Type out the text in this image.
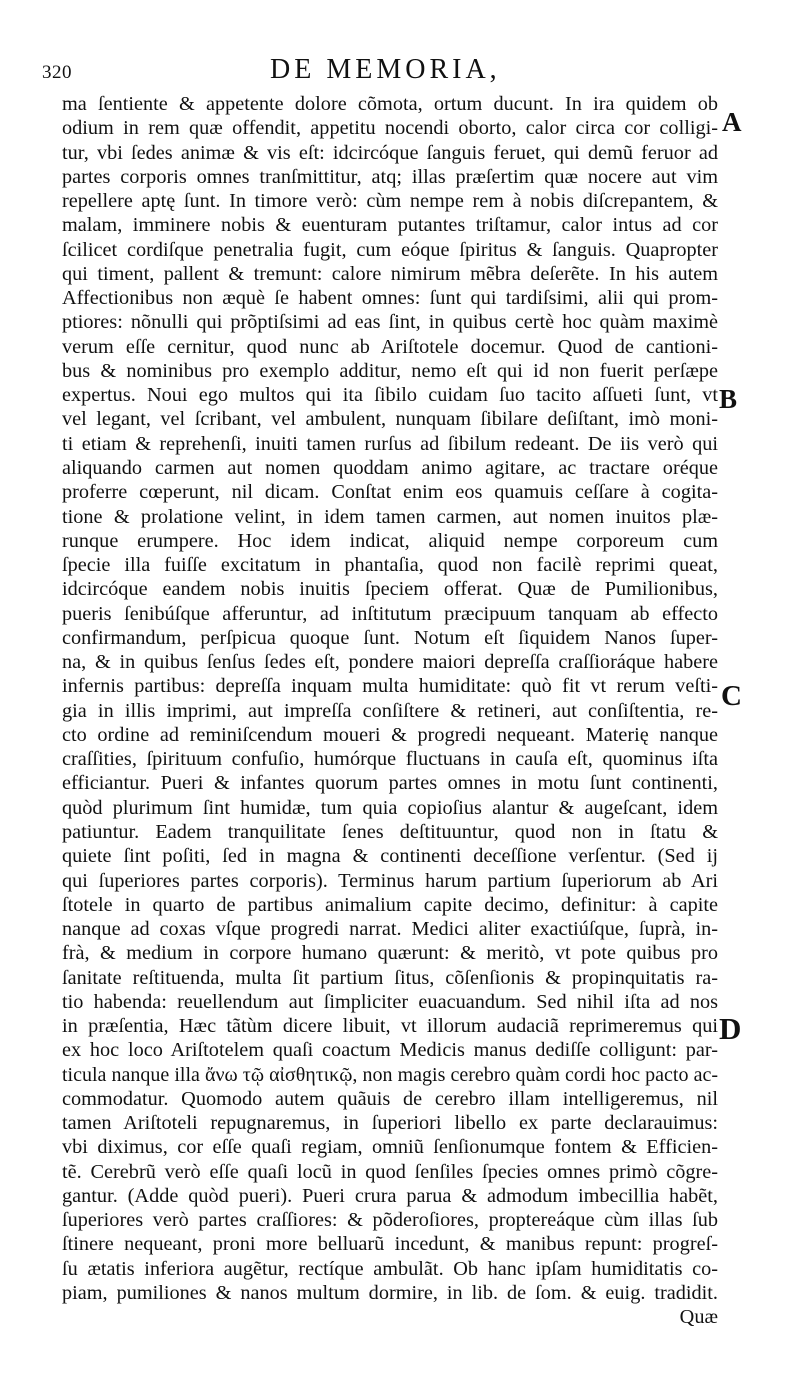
320	DE MEMORIA,
A
B
C
D
ma ſentiente & appetente dolore cõmota, ortum ducunt. In ira quidem ob
odium in rem quæ offendit, appetitu nocendi oborto, calor circa cor colligi-
tur, vbi ſedes animæ & vis eſt: idcircóque ſanguis feruet, qui demũ feruor ad
partes corporis omnes tranſmittitur, atq; illas præſertim quæ nocere aut vim
repellere aptę ſunt. In timore verò: cùm nempe rem à nobis diſcrepantem, &
malam, imminere nobis & euenturam putantes triſtamur, calor intus ad cor
ſcilicet cordiſque penetralia fugit, cum eóque ſpiritus & ſanguis. Quapropter
qui timent, pallent & tremunt: calore nimirum mẽbra deſerẽte. In his autem
Affectionibus non æquè ſe habent omnes: ſunt qui tardiſsimi, alii qui prom-
ptiores: nõnulli qui prõptiſsimi ad eas ſint, in quibus certè hoc quàm maximè
verum eſſe cernitur, quod nunc ab Ariſtotele docemur. Quod de cantioni-
bus & nominibus pro exemplo additur, nemo eſt qui id non fuerit perſæpe
expertus. Noui ego multos qui ita ſibilo cuidam ſuo tacito aſſueti ſunt, vt
vel legant, vel ſcribant, vel ambulent, nunquam ſibilare deſiſtant, imò moni-
ti etiam & reprehenſi, inuiti tamen rurſus ad ſibilum redeant. De iis verò qui
aliquando carmen aut nomen quoddam animo agitare, ac tractare oréque
proferre cœperunt, nil dicam. Conſtat enim eos quamuis ceſſare à cogita-
tione & prolatione velint, in idem tamen carmen, aut nomen inuitos plæ-
runque erumpere. Hoc idem indicat, aliquid nempe corporeum cum
ſpecie illa fuiſſe excitatum in phantaſia, quod non facilè reprimi queat,
idcircóque eandem nobis inuitis ſpeciem offerat. Quæ de Pumilionibus,
pueris ſenibúſque afferuntur, ad inſtitutum præcipuum tanquam ab effecto
confirmandum, perſpicua quoque ſunt. Notum eſt ſiquidem Nanos ſuper-
na, & in quibus ſenſus ſedes eſt, pondere maiori depreſſa craſſioráque habere
infernis partibus: depreſſa inquam multa humiditate: quò fit vt rerum veſti-
gia in illis imprimi, aut impreſſa conſiſtere & retineri, aut conſiſtentia, re-
cto ordine ad reminiſcendum moueri & progredi nequeant. Materię nanque
craſſities, ſpirituum confuſio, humórque fluctuans in cauſa eſt, quominus iſta
efficiantur. Pueri & infantes quorum partes omnes in motu ſunt continenti,
quòd plurimum ſint humidæ, tum quia copioſius alantur & augeſcant, idem
patiuntur. Eadem tranquilitate ſenes deſtituuntur, quod non in ſtatu &
quiete ſint poſiti, ſed in magna & continenti deceſſione verſentur. (Sed ij
qui ſuperiores partes corporis). Terminus harum partium ſuperiorum ab Ari
ſtotele in quarto de partibus animalium capite decimo, definitur: à capite
nanque ad coxas vſque progredi narrat. Medici aliter exactiúſque, ſuprà, in-
frà, & medium in corpore humano quærunt: & meritò, vt pote quibus pro
ſanitate reſtituenda, multa ſit partium ſitus, cõſenſionis & propinquitatis ra-
tio habenda: reuellendum aut ſimpliciter euacuandum. Sed nihil iſta ad nos
in præſentia, Hæc tãtùm dicere libuit, vt illorum audaciã reprimeremus qui
ex hoc loco Ariſtotelem quaſi coactum Medicis manus dediſſe colligunt: par-
ticula nanque illa ἄνω τῷ αἰσθητικῷ, non magis cerebro quàm cordi hoc pacto ac-
commodatur. Quomodo autem quãuis de cerebro illam intelligeremus, nil
tamen Ariſtoteli repugnaremus, in ſuperiori libello ex parte declarauimus:
vbi diximus, cor eſſe quaſi regiam, omniũ ſenſionumque fontem & Efficien-
tẽ. Cerebrũ verò eſſe quaſi locũ in quod ſenſiles ſpecies omnes primò cõgre-
gantur. (Adde quòd pueri). Pueri crura parua & admodum imbecillia habẽt,
ſuperiores verò partes craſſiores: & põderoſiores, proptereáque cùm illas ſub
ſtinere nequeant, proni more belluarũ incedunt, & manibus repunt: progreſ-
ſu ætatis inferiora augẽtur, rectíque ambulãt. Ob hanc ipſam humiditatis co-
piam, pumiliones & nanos multum dormire, in lib. de ſom. & euig. tradidit.
Quæ
